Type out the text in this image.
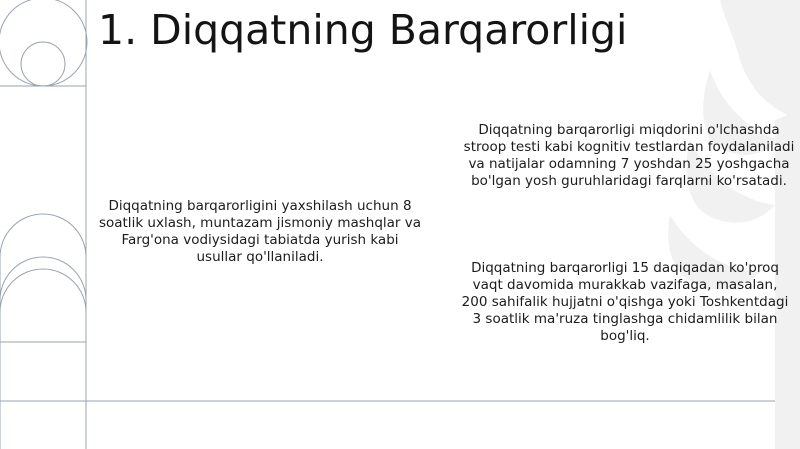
1. Diqqatning Barqarorligi

Diqqatning barqarorligini yaxshilash uchun 8 soatlik uxlash, muntazam jismoniy mashqlar va Farg'ona vodiysidagi tabiatda yurish kabi usullar qo'llaniladi.

Diqqatning barqarorligi miqdorini o'lchashda stroop testi kabi kognitiv testlardan foydalaniladi va natijalar odamning 7 yoshdan 25 yoshgacha bo'lgan yosh guruhlaridagi farqlarni ko'rsatadi.

Diqqatning barqarorligi 15 daqiqadan ko'proq vaqt davomida murakkab vazifaga, masalan, 200 sahifalik hujjatni o'qishga yoki Toshkentdagi 3 soatlik ma'ruza tinglashga chidamlilik bilan bog'liq.
